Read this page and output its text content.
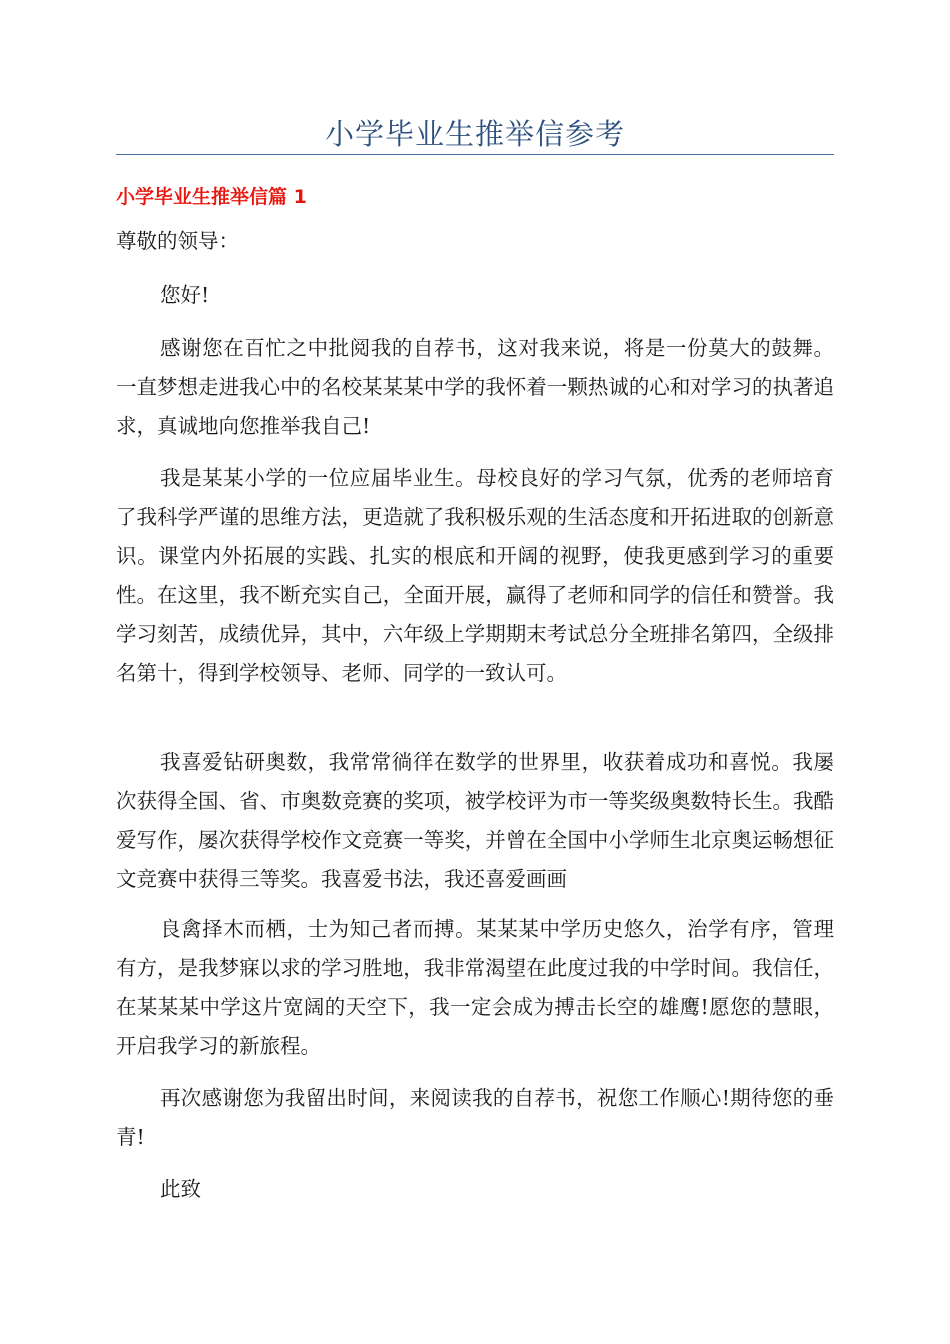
小学毕业生推举信参考
小学毕业生推举信篇 1

尊敬的领导：

您好!

感谢您在百忙之中批阅我的自荐书，这对我来说，将是一份莫大的鼓舞。一直梦想走进我心中的名校某某某中学的我怀着一颗热诚的心和对学习的执著追求，真诚地向您推举我自己!

我是某某小学的一位应届毕业生。母校良好的学习气氛，优秀的老师培育了我科学严谨的思维方法，更造就了我积极乐观的生活态度和开拓进取的创新意识。课堂内外拓展的实践、扎实的根底和开阔的视野，使我更感到学习的重要性。在这里，我不断充实自己，全面开展，赢得了老师和同学的信任和赞誉。我学习刻苦，成绩优异，其中，六年级上学期期末考试总分全班排名第四，全级排名第十，得到学校领导、老师、同学的一致认可。

我喜爱钻研奥数，我常常徜徉在数学的世界里，收获着成功和喜悦。我屡次获得全国、省、市奥数竞赛的奖项，被学校评为市一等奖级奥数特长生。我酷爱写作，屡次获得学校作文竞赛一等奖，并曾在全国中小学师生北京奥运畅想征文竞赛中获得三等奖。我喜爱书法，我还喜爱画画

良禽择木而栖，士为知己者而搏。某某某中学历史悠久，治学有序，管理有方，是我梦寐以求的学习胜地，我非常渴望在此度过我的中学时间。我信任，在某某某中学这片宽阔的天空下，我一定会成为搏击长空的雄鹰!愿您的慧眼，开启我学习的新旅程。

再次感谢您为我留出时间，来阅读我的自荐书，祝您工作顺心!期待您的垂青!

此致
